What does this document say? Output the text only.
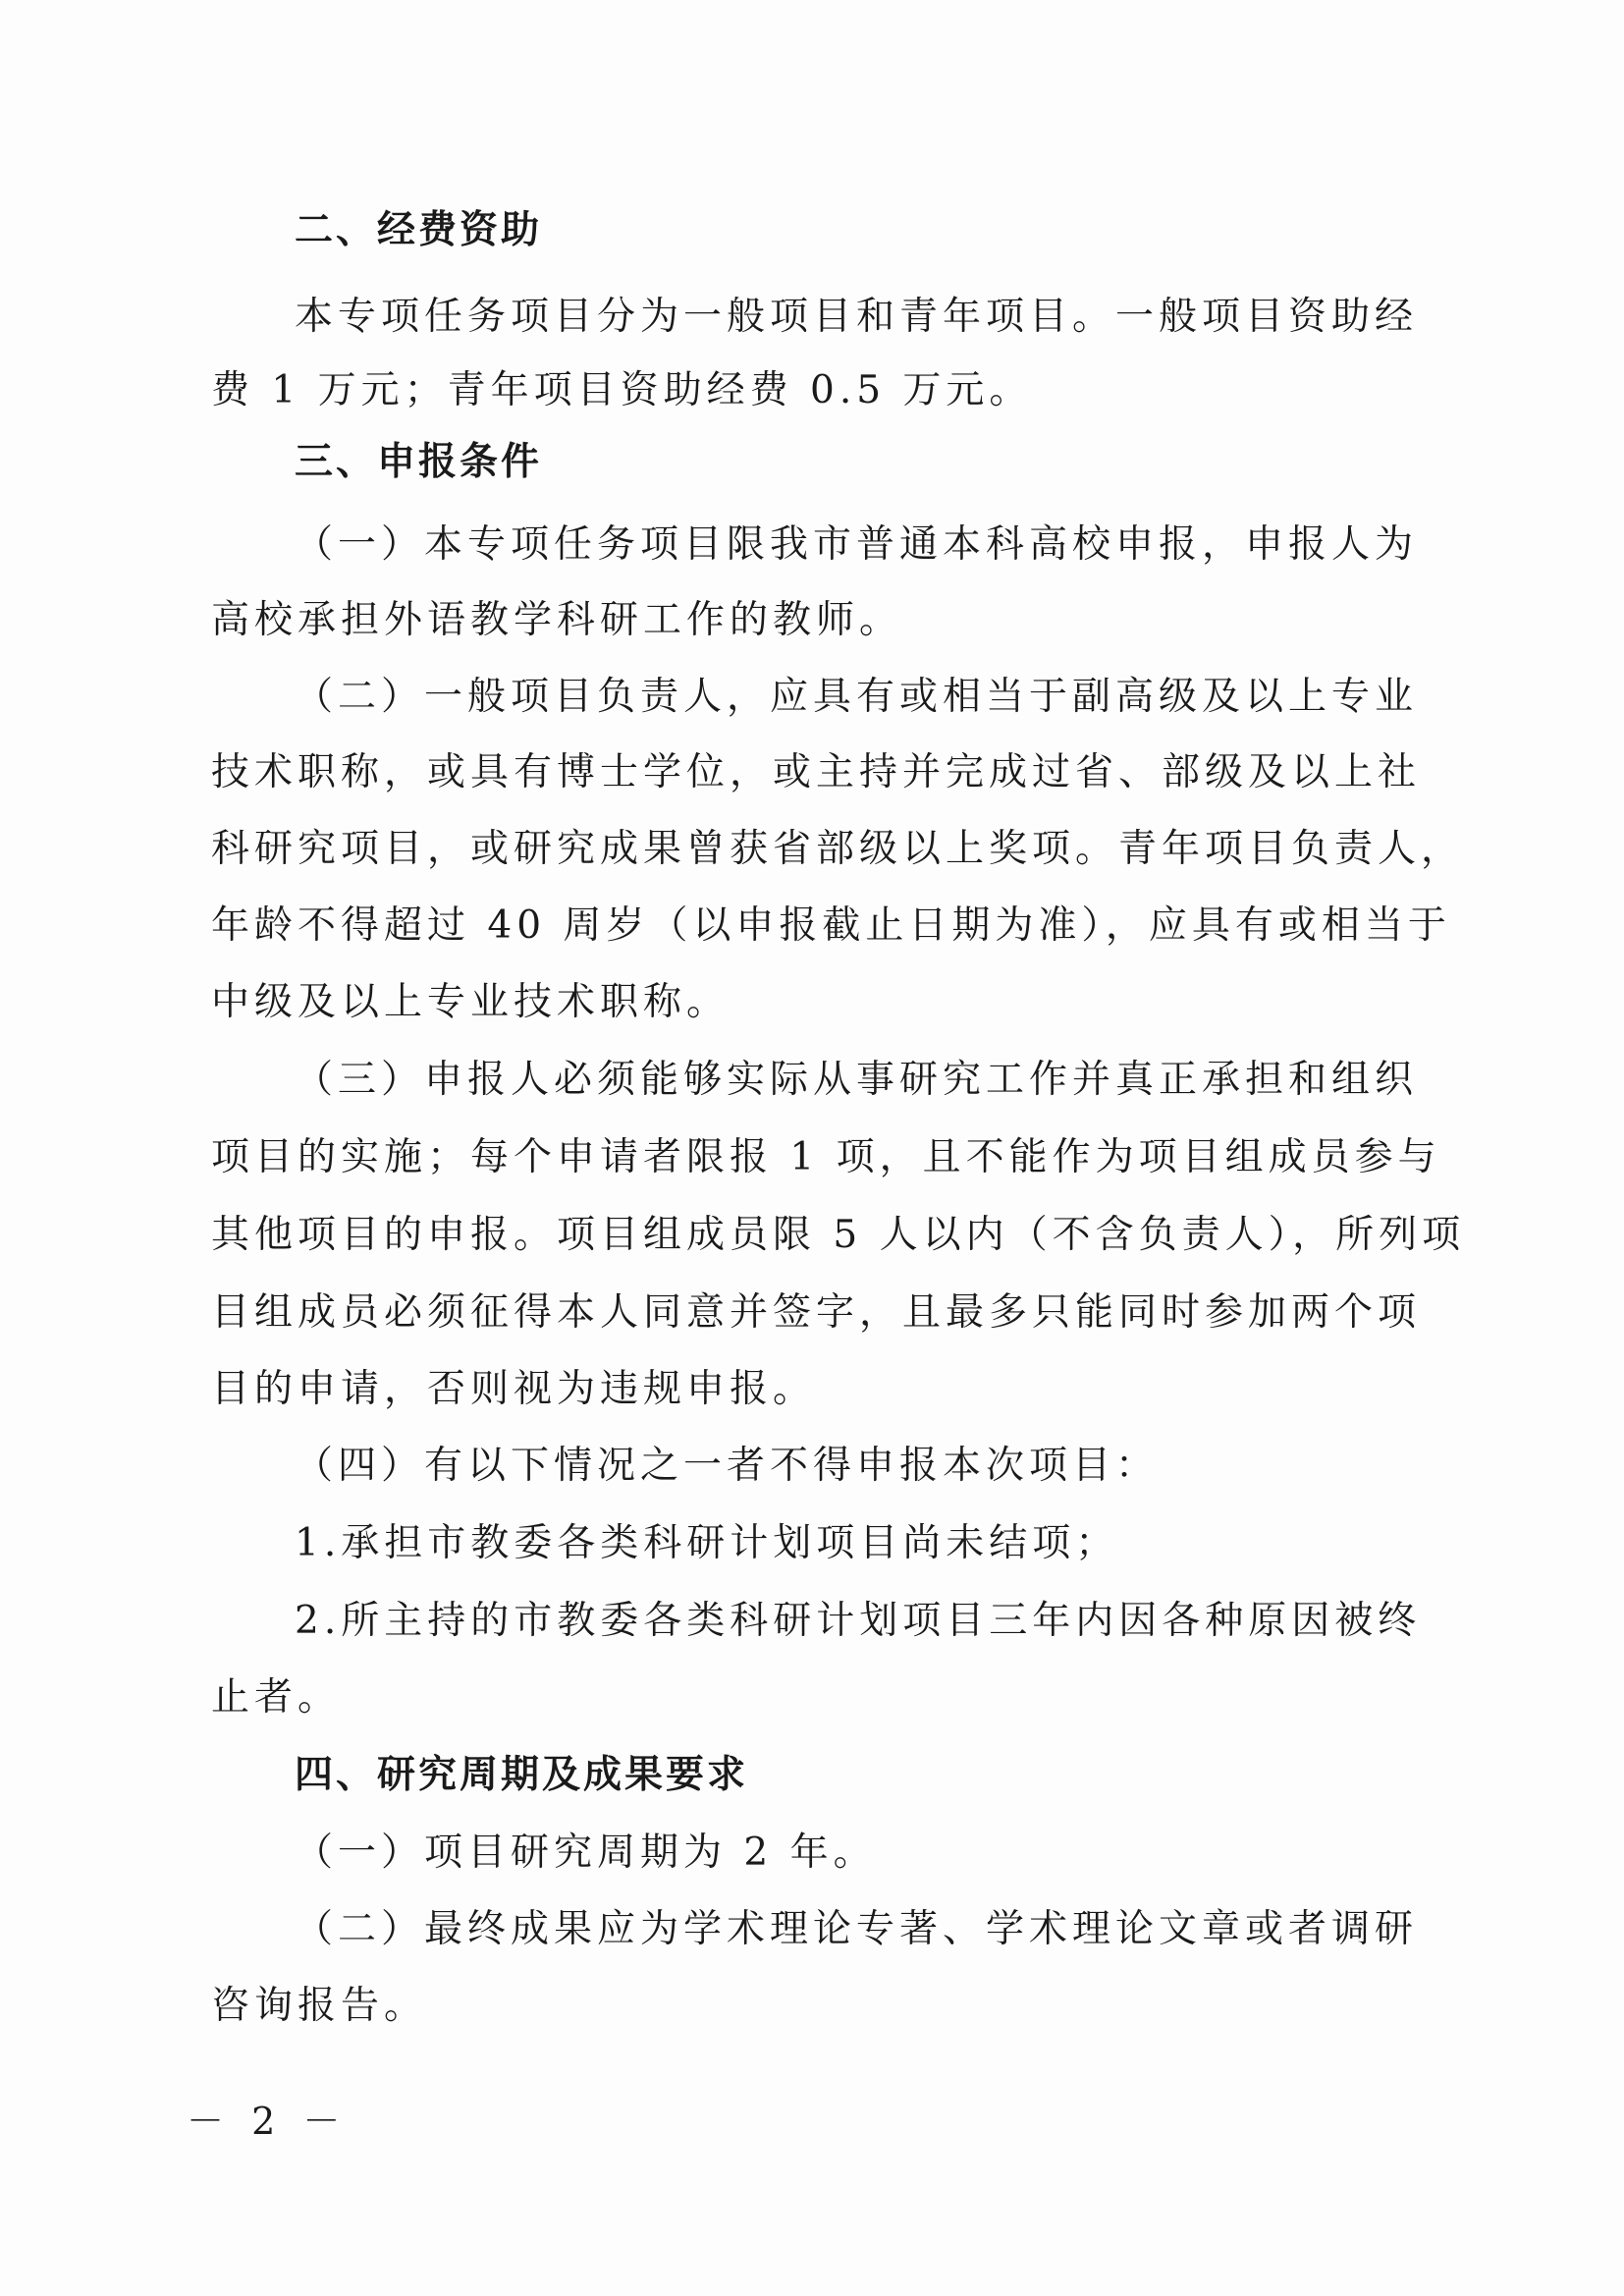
二、经费资助
本专项任务项目分为一般项目和青年项目。一般项目资助经
费 1 万元；青年项目资助经费 0.5 万元。
三、申报条件
（一）本专项任务项目限我市普通本科高校申报，申报人为
高校承担外语教学科研工作的教师。
（二）一般项目负责人，应具有或相当于副高级及以上专业
技术职称，或具有博士学位，或主持并完成过省、部级及以上社
科研究项目，或研究成果曾获省部级以上奖项。青年项目负责人，
年龄不得超过 40 周岁（以申报截止日期为准），应具有或相当于
中级及以上专业技术职称。
（三）申报人必须能够实际从事研究工作并真正承担和组织
项目的实施；每个申请者限报 1 项，且不能作为项目组成员参与
其他项目的申报。项目组成员限 5 人以内（不含负责人），所列项
目组成员必须征得本人同意并签字，且最多只能同时参加两个项
目的申请，否则视为违规申报。
（四）有以下情况之一者不得申报本次项目：
1.承担市教委各类科研计划项目尚未结项；
2.所主持的市教委各类科研计划项目三年内因各种原因被终
止者。
四、研究周期及成果要求
（一）项目研究周期为 2 年。
（二）最终成果应为学术理论专著、学术理论文章或者调研
咨询报告。
－ 2 －
